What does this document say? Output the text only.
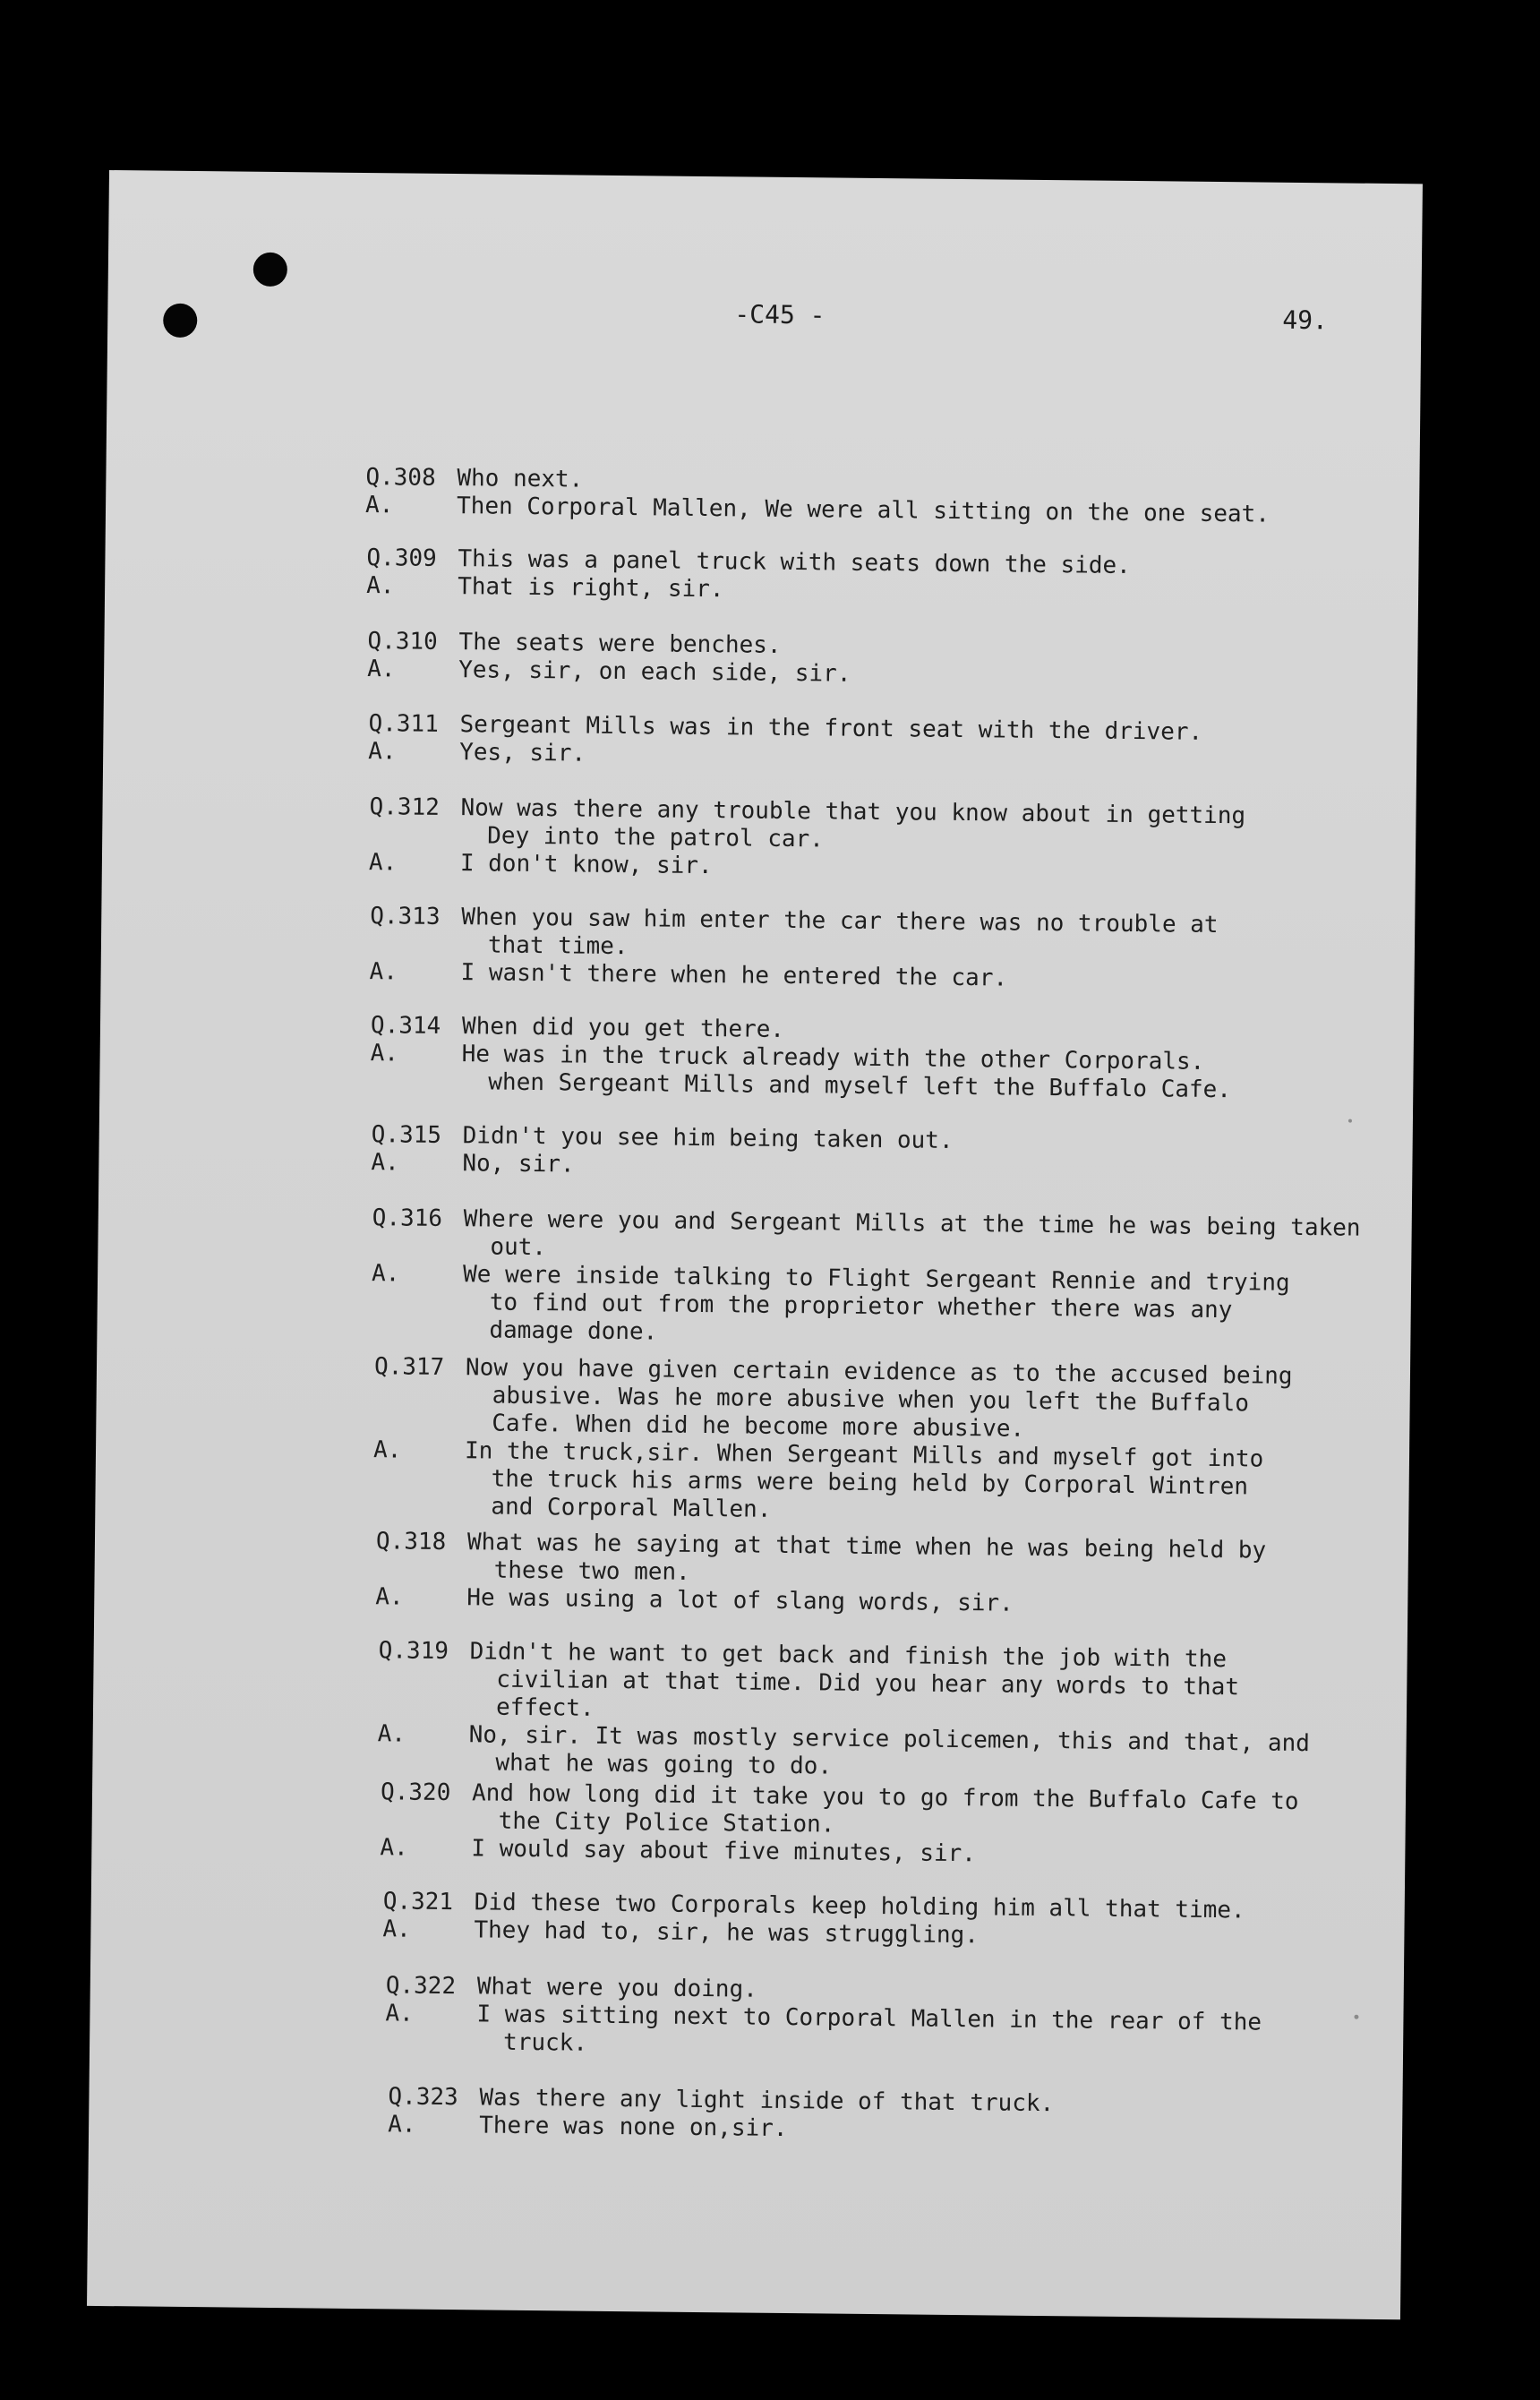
-C45 -	49.
Q.308 Who next.
A.	Then Corporal Mallen, We were all sitting on the one seat.
Q.309 This was a panel truck with seats down the side.
A.	That is right, sir.
Q.310 The seats were benches.
A.	Yes, sir, on each side, sir.
Q.311 Sergeant Mills was in the front seat with the driver.
A.	Yes, sir.
Q.312 Now was there any trouble that you know about in getting
Dey into the patrol car.
A.	I don't know, sir.
Q.313 When you saw him enter the car there was no trouble at
that time.
A.	I wasn't there when he entered the car.
Q.314 When did you get there.
A.	He was in the truck already with the other Corporals.
when Sergeant Mills and myself left the Buffalo Cafe.
Q.315 Didn't you see him being taken out.
A.	No, sir.
Q.316 Where were you and Sergeant Mills at the time he was being taken
out.
A.	We were inside talking to Flight Sergeant Rennie and trying
to find out from the proprietor whether there was any
damage done.
Q.317 Now you have given certain evidence as to the accused being
abusive. Was he more abusive when you left the Buffalo
Cafe. When did he become more abusive.
A.	In the truck,sir. When Sergeant Mills and myself got into
the truck his arms were being held by Corporal Wintren
and Corporal Mallen.
Q.318 What was he saying at that time when he was being held by
these two men.
A.	He was using a lot of slang words, sir.
Q.319 Didn't he want to get back and finish the job with the
civilian at that time. Did you hear any words to that
effect.
A.	No, sir. It was mostly service policemen, this and that, and
what he was going to do.
Q.320 And how long did it take you to go from the Buffalo Cafe to
the City Police Station.
A.	I would say about five minutes, sir.
Q.321 Did these two Corporals keep holding him all that time.
A.	They had to, sir, he was struggling.
Q.322 What were you doing.
A.	I was sitting next to Corporal Mallen in the rear of the
truck.
Q.323 Was there any light inside of that truck.
A.	There was none on,sir.
